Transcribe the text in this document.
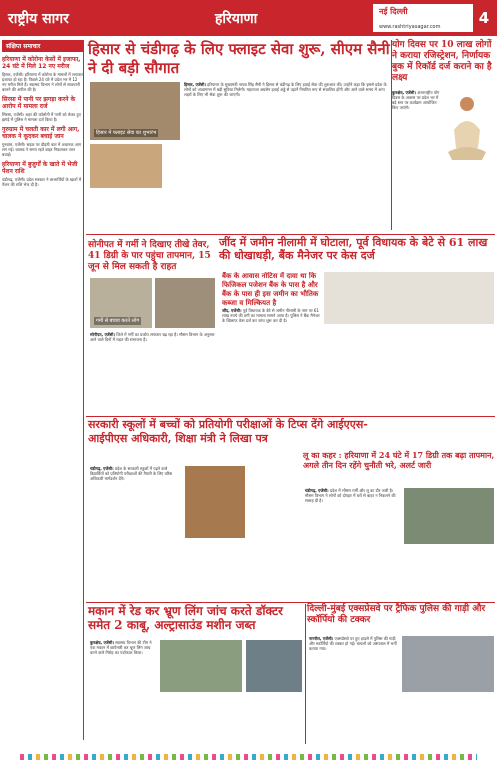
राष्ट्रीय सागर	हरियाणा	नई दिल्ली
www.rashtriyasagar.com	4
संक्षिप्त समाचार
हरियाणा में कोरोना केसों में इजाफा, 24 घंटे में मिले 12 नए मरीज
हिसार, एजेंसी। हरियाणा में कोरोना के मामलों में लगातार इजाफा हो रहा है। पिछले 24 घंटे में प्रदेश भर में 12 नए मरीज मिले हैं। स्वास्थ्य विभाग ने लोगों से सावधानी बरतने की अपील की है।
सिरसा में पानी पर झगड़ा करने के आरोप में मामला दर्ज
सिरसा, एजेंसी। शहर की कॉलोनी में पानी को लेकर हुए झगड़े में पुलिस ने मामला दर्ज किया है।
गुरुग्राम में चलती कार में लगी आग, चालक ने कूदकर बचाई जान
गुरुग्राम, एजेंसी। सड़क पर दौड़ती कार में अचानक आग लग गई। चालक ने समय रहते बाहर निकलकर जान बचाई।
हरियाणा में बुजुर्गों के खाते में भेजी पेंशन राशि
चंडीगढ़, एजेंसी। प्रदेश सरकार ने लाभार्थियों के खातों में पेंशन की राशि भेज दी है।
हिसार से चंडीगढ़ के लिए फ्लाइट सेवा शुरू, सीएम सैनी ने दी बड़ी सौगात
हिसार में फ्लाइट सेवा का शुभारंभ
हिसार, एजेंसी। हरियाणा के मुख्यमंत्री नायब सिंह सैनी ने हिसार से चंडीगढ़ के लिए हवाई सेवा की शुरुआत की। उन्होंने कहा कि इससे प्रदेश के लोगों को आवागमन में बड़ी सुविधा मिलेगी। महाराजा अग्रसेन हवाई अड्डे से उड़ानें नियमित रूप से संचालित होंगी और आने वाले समय में अन्य शहरों के लिए भी सेवा शुरू की जाएगी।
योग दिवस पर 10 लाख लोगों ने कराया रजिस्ट्रेशन, निर्णायक बुक में रिकॉर्ड दर्ज कराने का है लक्ष्य
कुरुक्षेत्र, एजेंसी। अंतरराष्ट्रीय योग दिवस के अवसर पर प्रदेश भर में बड़े स्तर पर कार्यक्रम आयोजित किए जाएंगे।
सोनीपत में गर्मी ने दिखाए तीखे तेवर, 41 डिग्री के पार पहुंचा तापमान, 15 जून से मिल सकती है राहत
गर्मी से बचाव करते लोग
सोनीपत, एजेंसी। जिले में गर्मी का प्रकोप लगातार बढ़ रहा है। मौसम विभाग के अनुसार आने वाले दिनों में राहत की संभावना है।
जींद में जमीन नीलामी में घोटाला, पूर्व विधायक के बेटे से 61 लाख की धोखाधड़ी, बैंक मैनेजर पर केस दर्ज
बैंक के आवास नोटिस में दावा था कि फिजिकल पजेशन बैंक के पास है और बैंक के पास ही इस जमीन का भौतिक कब्जा व मिल्कियत है
जींद, एजेंसी। पूर्व विधायक के बेटे से जमीन नीलामी के नाम पर 61 लाख रुपये की ठगी का मामला सामने आया है। पुलिस ने बैंक मैनेजर के खिलाफ केस दर्ज कर जांच शुरू कर दी है।
सरकारी स्कूलों में बच्चों को प्रतियोगी परीक्षाओं के टिप्स देंगे आईएएस-आईपीएस अधिकारी, शिक्षा मंत्री ने लिखा पत्र
चंडीगढ़, एजेंसी। प्रदेश के सरकारी स्कूलों में पढ़ने वाले विद्यार्थियों को प्रतियोगी परीक्षाओं की तैयारी के लिए वरिष्ठ अधिकारी मार्गदर्शन देंगे।
लू का कहर : हरियाणा में 24 घंटे में 17 डिग्री तक बढ़ा तापमान, अगले तीन दिन रहेंगे चुनौती भरे, अलर्ट जारी
चंडीगढ़, एजेंसी। प्रदेश में भीषण गर्मी और लू का दौर जारी है। मौसम विभाग ने लोगों को दोपहर में घरों से बाहर न निकलने की सलाह दी है।
मकान में रेड कर भ्रूण लिंग जांच करते डॉक्टर समेत 2 काबू, अल्ट्रासाउंड मशीन जब्त
कुरुक्षेत्र, एजेंसी। स्वास्थ्य विभाग की टीम ने एक मकान में छापेमारी कर भ्रूण लिंग जांच करने वाले गिरोह का पर्दाफाश किया।
दिल्ली-मुंबई एक्सप्रेसवे पर ट्रैफिक पुलिस की गाड़ी और स्कॉर्पियो की टक्कर
नारनौल, एजेंसी। एक्सप्रेसवे पर हुए हादसे में पुलिस की गाड़ी और स्कॉर्पियो की टक्कर हो गई। घायलों को अस्पताल में भर्ती कराया गया।
